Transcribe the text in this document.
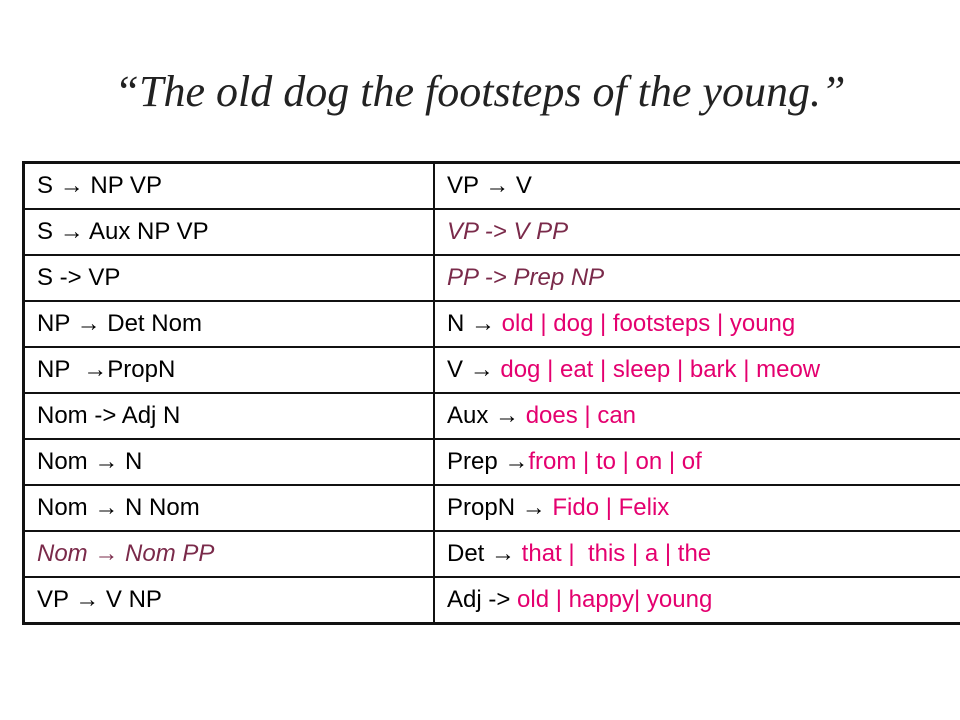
“The old dog the footsteps of the young.”
S → NP VP	VP → V
S → Aux NP VP	VP -> V PP
S -> VP	PP -> Prep NP
NP → Det Nom	N → old | dog | footsteps | young
NP  →PropN	V → dog | eat | sleep | bark | meow
Nom -> Adj N	Aux → does | can
Nom → N	Prep →from | to | on | of
Nom → N Nom	PropN → Fido | Felix
Nom → Nom PP	Det → that |  this | a | the
VP → V NP	Adj -> old | happy| young
